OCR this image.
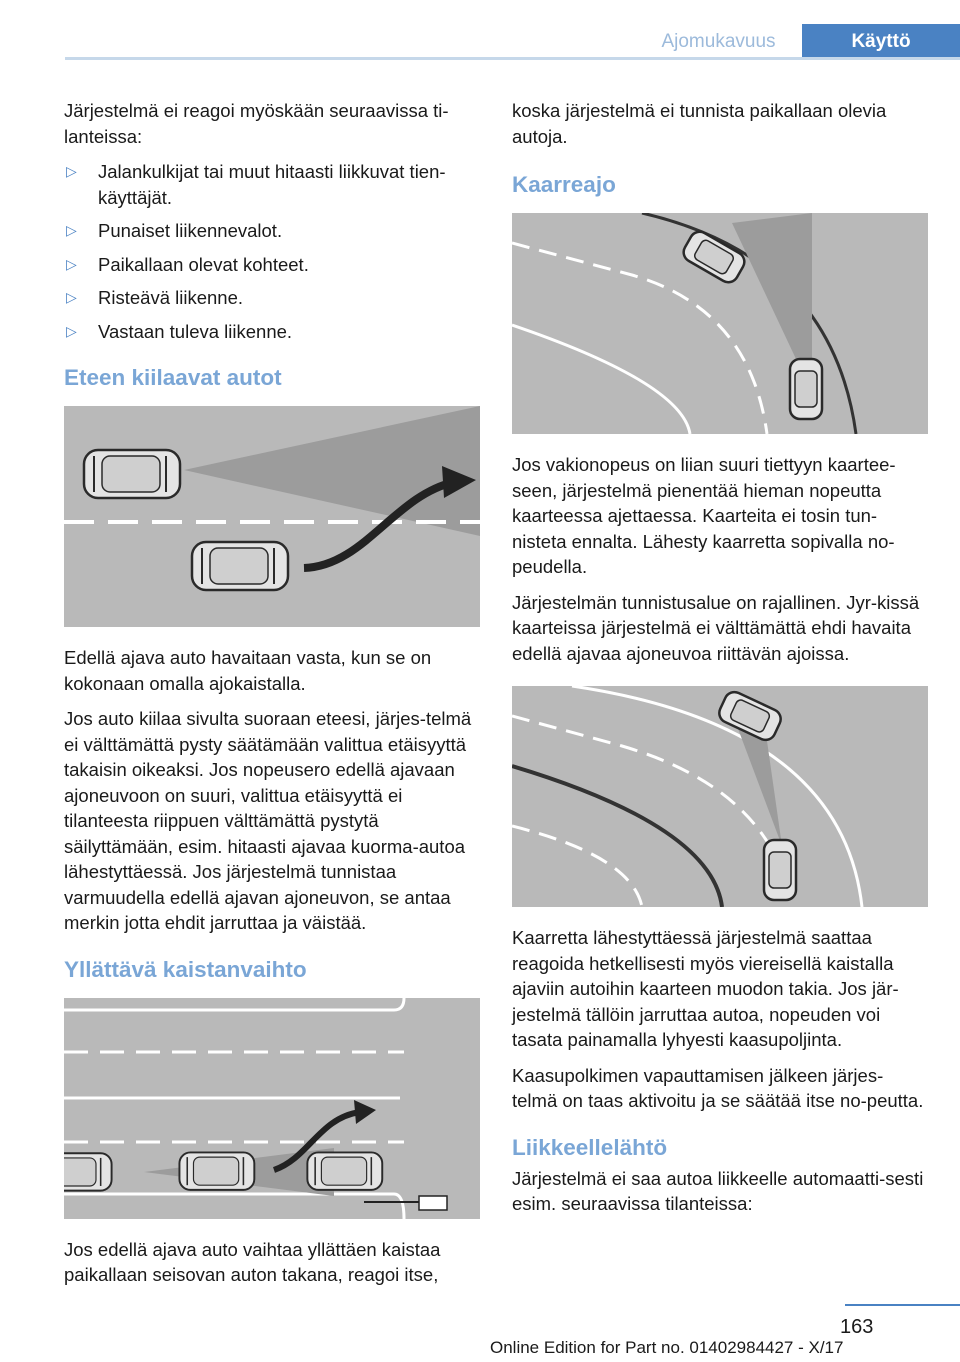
Ajomukavuus	Käyttö

Järjestelmä ei reagoi myöskään seuraavissa ti-
lanteissa:

▷ Jalankulkijat tai muut hitaasti liikkuvat tien-
käyttäjät.
▷ Punaiset liikennevalot.
▷ Paikallaan olevat kohteet.
▷ Risteävä liikenne.
▷ Vastaan tuleva liikenne.
Eteen kiilaavat autot

Edellä ajava auto havaitaan vasta, kun se on kokonaan omalla ajokaistalla.

Jos auto kiilaa sivulta suoraan eteesi, järjes-telmä ei välttämättä pysty säätämään valittua etäisyyttä takaisin oikeaksi. Jos nopeusero edellä ajavaan ajoneuvoon on suuri, valittua etäisyyttä ei tilanteesta riippuen välttämättä pystytä säilyttämään, esim. hitaasti ajavaa kuorma-autoa lähestyttäessä. Jos järjestelmä tunnistaa varmuudella edellä ajavan ajoneuvon, se antaa merkin jotta ehdit jarruttaa ja väistää.

Yllättävä kaistanvaihto

Jos edellä ajava auto vaihtaa yllättäen kaistaa paikallaan seisovan auton takana, reagoi itse,

koska järjestelmä ei tunnista paikallaan olevia autoja.

Kaarreajo

Jos vakionopeus on liian suuri tiettyyn kaartee-seen, järjestelmä pienentää hieman nopeutta kaarteessa ajettaessa. Kaarteita ei tosin tun-nisteta ennalta. Lähesty kaarretta sopivalla no-peudella.

Järjestelmän tunnistusalue on rajallinen. Jyr-kissä kaarteissa järjestelmä ei välttämättä ehdi havaita edellä ajavaa ajoneuvoa riittävän ajoissa.

Kaarretta lähestyttäessä järjestelmä saattaa reagoida hetkellisesti myös viereisellä kaistalla ajaviin autoihin kaarteen muodon takia. Jos jär-jestelmä tällöin jarruttaa autoa, nopeuden voi tasata painamalla lyhyesti kaasupoljinta.

Kaasupolkimen vapauttamisen jälkeen järjes-telmä on taas aktivoitu ja se säätää itse no-peutta.

Liikkeellelähtö

Järjestelmä ei saa autoa liikkeelle automaatti-sesti esim. seuraavissa tilanteissa:

163
Online Edition for Part no. 01402984427 - X/17
